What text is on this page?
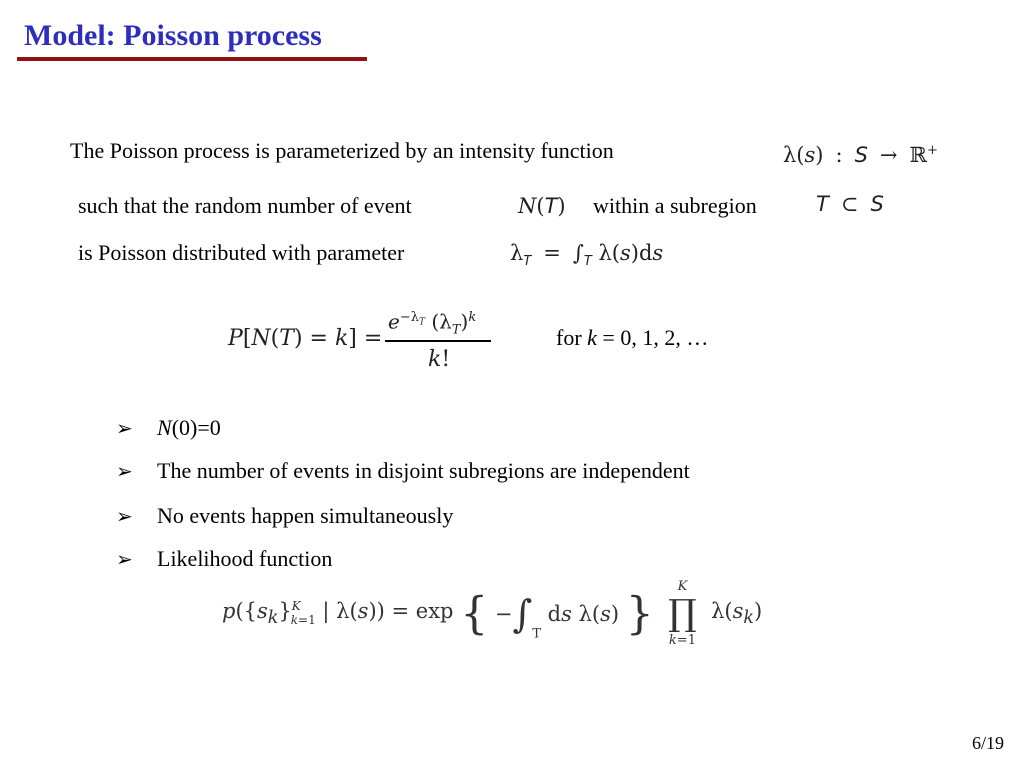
Model: Poisson process
The Poisson process is parameterized by an intensity function	λ(s) : S → ℝ+
such that the random number of event	N(T) within a subregion	T ⊂ S
is Poisson distributed with parameter	$\lambda_T = \int_T$ λ(s)ds
P[N(T) = k] =
$e^{-\lambda_T}$ $(\lambda_T)^k$
k!
for k = 0, 1, 2, …
➢ N(0)=0
➢ The number of events in disjoint subregions are independent
➢ No events happen simultaneously
➢ Likelihood function
$p(\{s_k\}^K_{k=1}$ | λ(s)) = exp { $-\int_T$ ds λ(s) }
K
∏
k=1
$\lambda(s_k)$
6/19
